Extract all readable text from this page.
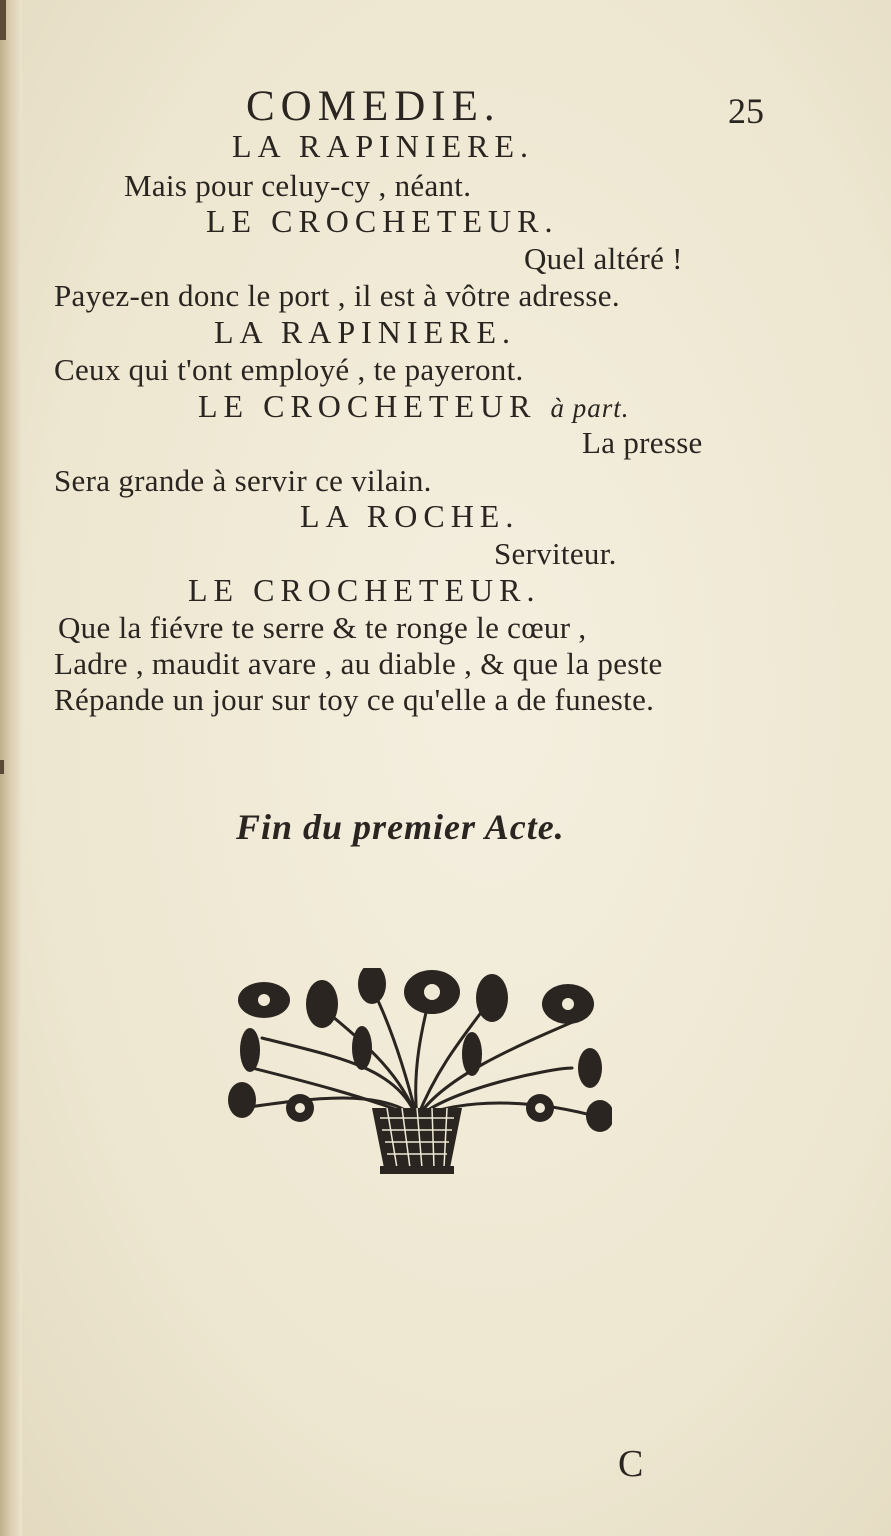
COMEDIE.	25
LA RAPINIERE.
Mais pour celuy-cy , néant.
LE CROCHETEUR.
Quel altéré !
Payez-en donc le port , il est à vôtre adresse.
LA RAPINIERE.
Ceux qui t'ont employé , te payeront.
LE CROCHETEUR à part.
La presse
Sera grande à servir ce vilain.
LA ROCHE.
Serviteur.
LE CROCHETEUR.
Que la fiévre te serre & te ronge le cœur ,
Ladre , maudit avare , au diable , & que la peste
Répande un jour sur toy ce qu'elle a de funeste.
Fin du premier Acte.
C
